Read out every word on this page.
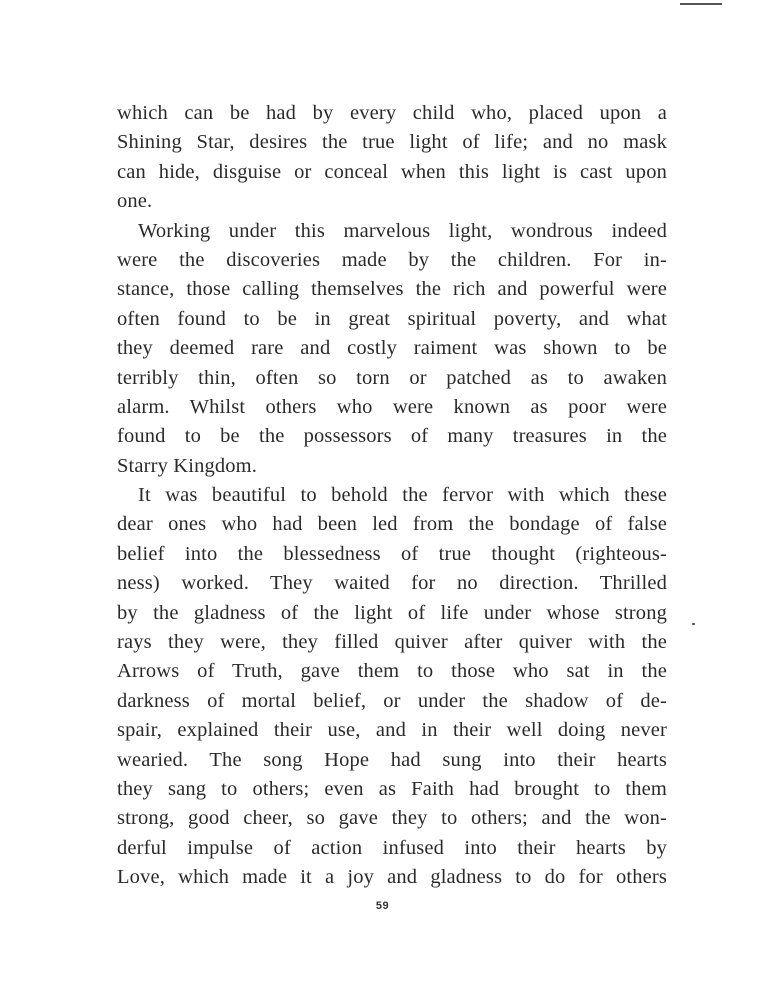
which can be had by every child who, placed upon a
Shining Star, desires the true light of life; and no mask
can hide, disguise or conceal when this light is cast upon
one.
Working under this marvelous light, wondrous indeed
were the discoveries made by the children. For in-
stance, those calling themselves the rich and powerful were
often found to be in great spiritual poverty, and what
they deemed rare and costly raiment was shown to be
terribly thin, often so torn or patched as to awaken
alarm. Whilst others who were known as poor were
found to be the possessors of many treasures in the
Starry Kingdom.
It was beautiful to behold the fervor with which these
dear ones who had been led from the bondage of false
belief into the blessedness of true thought (righteous-
ness) worked. They waited for no direction. Thrilled
by the gladness of the light of life under whose strong
rays they were, they filled quiver after quiver with the
Arrows of Truth, gave them to those who sat in the
darkness of mortal belief, or under the shadow of de-
spair, explained their use, and in their well doing never
wearied. The song Hope had sung into their hearts
they sang to others; even as Faith had brought to them
strong, good cheer, so gave they to others; and the won-
derful impulse of action infused into their hearts by
Love, which made it a joy and gladness to do for others
59
